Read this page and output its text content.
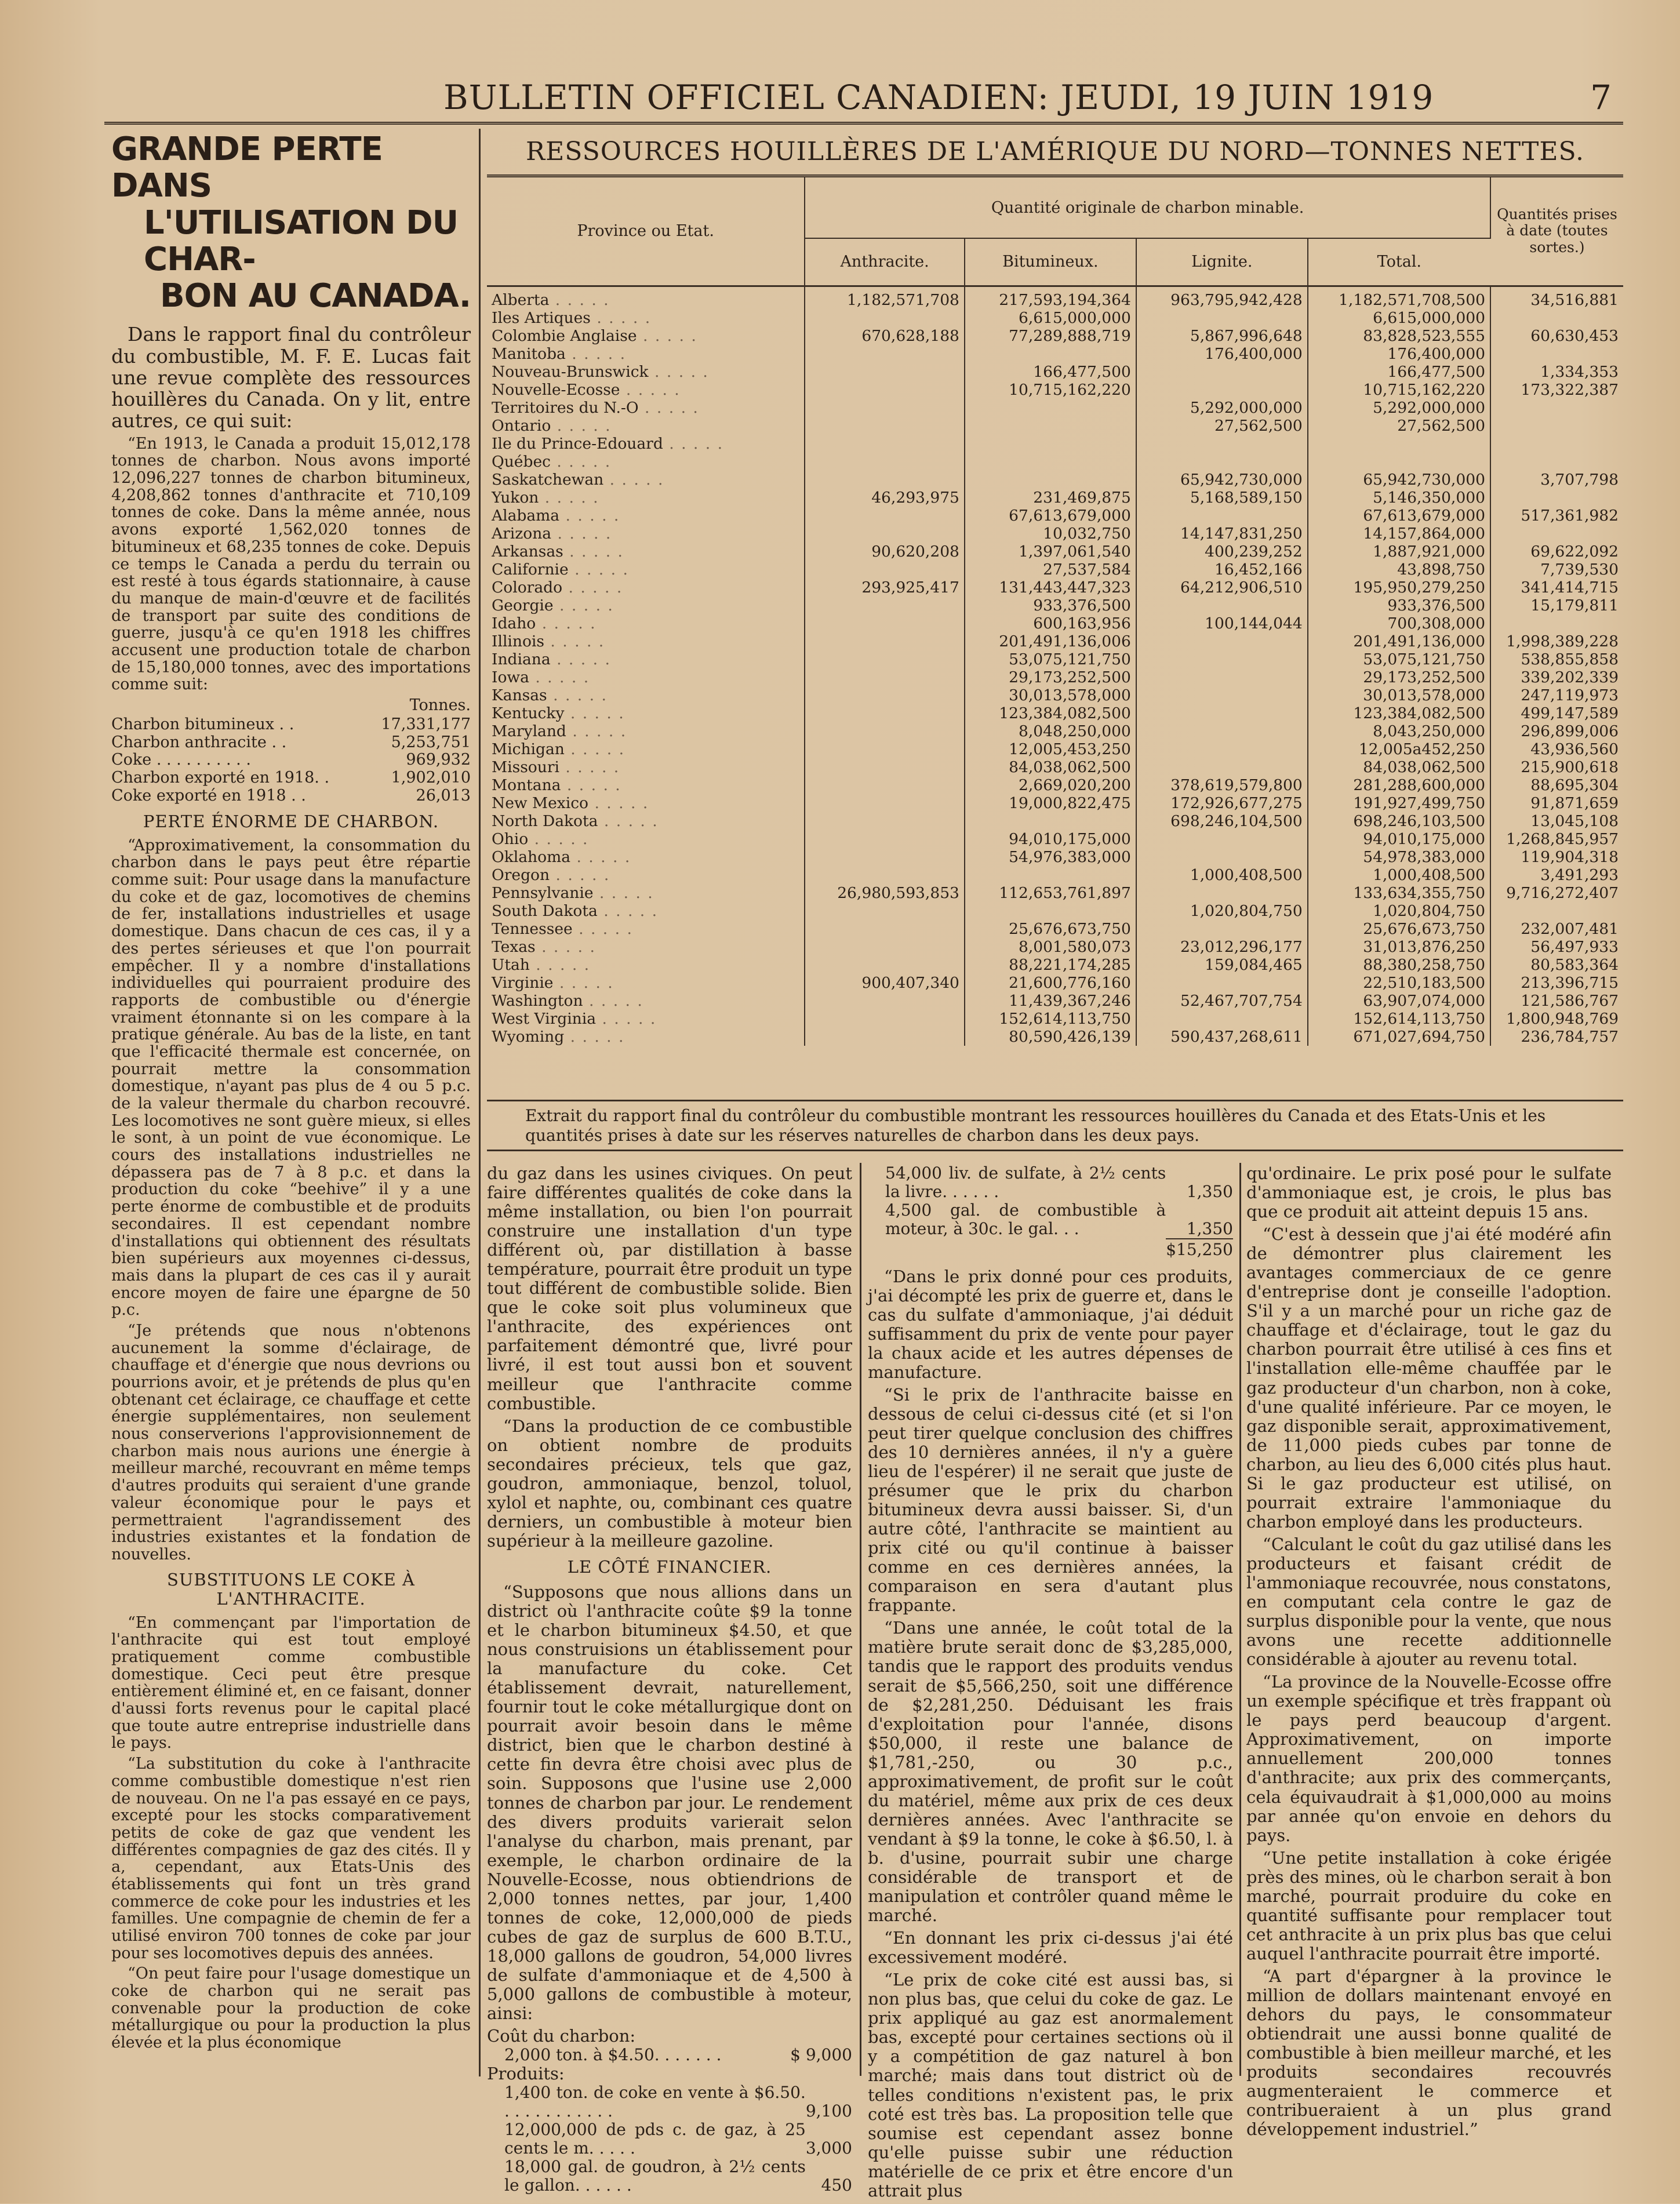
BULLETIN OFFICIEL CANADIEN: JEUDI, 19 JUIN 1919	7
GRANDE PERTE DANS
L'UTILISATION DU CHAR-
BON AU CANADA.

Dans le rapport final du contrôleur du combustible, M. F. E. Lucas fait une revue complète des ressources houillères du Canada. On y lit, entre autres, ce qui suit:

“En 1913, le Canada a produit 15,012,178 tonnes de charbon. Nous avons importé 12,096,227 tonnes de charbon bitumineux, 4,208,862 tonnes d'anthracite et 710,109 tonnes de coke. Dans la même année, nous avons exporté 1,562,020 tonnes de bitumineux et 68,235 tonnes de coke. Depuis ce temps le Canada a perdu du terrain ou est resté à tous égards stationnaire, à cause du manque de main-d'œuvre et de facilités de transport par suite des conditions de guerre, jusqu'à ce qu'en 1918 les chiffres accusent une production totale de charbon de 15,180,000 tonnes, avec des importations comme suit:

Tonnes.
Charbon bitumineux . .	17,331,177
Charbon anthracite . .	5,253,751
Coke . . . . . . . . . .	969,932
Charbon exporté en 1918. .	1,902,010
Coke exporté en 1918 . .	26,013
PERTE ÉNORME DE CHARBON.

“Approximativement, la consommation du charbon dans le pays peut être répartie comme suit: Pour usage dans la manufacture du coke et de gaz, locomotives de chemins de fer, installations industrielles et usage domestique. Dans chacun de ces cas, il y a des pertes sérieuses et que l'on pourrait empêcher. Il y a nombre d'installations individuelles qui pourraient produire des rapports de combustible ou d'énergie vraiment étonnante si on les compare à la pratique générale. Au bas de la liste, en tant que l'efficacité thermale est concernée, on pourrait mettre la consommation domestique, n'ayant pas plus de 4 ou 5 p.c. de la valeur thermale du charbon recouvré. Les locomotives ne sont guère mieux, si elles le sont, à un point de vue économique. Le cours des installations industrielles ne dépassera pas de 7 à 8 p.c. et dans la production du coke “beehive” il y a une perte énorme de combustible et de produits secondaires. Il est cependant nombre d'installations qui obtiennent des résultats bien supérieurs aux moyennes ci-dessus, mais dans la plupart de ces cas il y aurait encore moyen de faire une épargne de 50 p.c.

“Je prétends que nous n'obtenons aucunement la somme d'éclairage, de chauffage et d'énergie que nous devrions ou pourrions avoir, et je prétends de plus qu'en obtenant cet éclairage, ce chauffage et cette énergie supplémentaires, non seulement nous conserverions l'approvisionnement de charbon mais nous aurions une énergie à meilleur marché, recouvrant en même temps d'autres produits qui seraient d'une grande valeur économique pour le pays et permettraient l'agrandissement des industries existantes et la fondation de nouvelles.

SUBSTITUONS LE COKE À L'ANTHRACITE.

“En commençant par l'importation de l'anthracite qui est tout employé pratiquement comme combustible domestique. Ceci peut être presque entièrement éliminé et, en ce faisant, donner d'aussi forts revenus pour le capital placé que toute autre entreprise industrielle dans le pays.

“La substitution du coke à l'anthracite comme combustible domestique n'est rien de nouveau. On ne l'a pas essayé en ce pays, excepté pour les stocks comparativement petits de coke de gaz que vendent les différentes compagnies de gaz des cités. Il y a, cependant, aux Etats-Unis des établissements qui font un très grand commerce de coke pour les industries et les familles. Une compagnie de chemin de fer a utilisé environ 700 tonnes de coke par jour pour ses locomotives depuis des années.

“On peut faire pour l'usage domestique un coke de charbon qui ne serait pas convenable pour la production de coke métallurgique ou pour la production la plus élevée et la plus économique

RESSOURCES HOUILLÈRES DE L'AMÉRIQUE DU NORD—TONNES NETTES.
Province ou Etat.	Quantité originale de charbon minable.				Quantités prises à date (toutes sortes.)
	Anthracite.	Bitumineux.	Lignite.	Total.	
Alberta . . . . .	1,182,571,708	217,593,194,364	963,795,942,428	1,182,571,708,500	34,516,881
Iles Artiques . . . . .		6,615,000,000		6,615,000,000	
Colombie Anglaise . . . . .	670,628,188	77,289,888,719	5,867,996,648	83,828,523,555	60,630,453
Manitoba . . . . .			176,400,000	176,400,000	
Nouveau-Brunswick . . . . .		166,477,500		166,477,500	1,334,353
Nouvelle-Ecosse . . . . .		10,715,162,220		10,715,162,220	173,322,387
Territoires du N.-O . . . . .			5,292,000,000	5,292,000,000	
Ontario . . . . .			27,562,500	27,562,500	
Ile du Prince-Edouard . . . . .					
Québec . . . . .					
Saskatchewan . . . . .			65,942,730,000	65,942,730,000	3,707,798
Yukon . . . . .	46,293,975	231,469,875	5,168,589,150	5,146,350,000	
Alabama . . . . .		67,613,679,000		67,613,679,000	517,361,982
Arizona . . . . .		10,032,750	14,147,831,250	14,157,864,000	
Arkansas . . . . .	90,620,208	1,397,061,540	400,239,252	1,887,921,000	69,622,092
Californie . . . . .		27,537,584	16,452,166	43,898,750	7,739,530
Colorado . . . . .	293,925,417	131,443,447,323	64,212,906,510	195,950,279,250	341,414,715
Georgie . . . . .		933,376,500		933,376,500	15,179,811
Idaho . . . . .		600,163,956	100,144,044	700,308,000	
Illinois . . . . .		201,491,136,006		201,491,136,000	1,998,389,228
Indiana . . . . .		53,075,121,750		53,075,121,750	538,855,858
Iowa . . . . .		29,173,252,500		29,173,252,500	339,202,339
Kansas . . . . .		30,013,578,000		30,013,578,000	247,119,973
Kentucky . . . . .		123,384,082,500		123,384,082,500	499,147,589
Maryland . . . . .		8,048,250,000		8,043,250,000	296,899,006
Michigan . . . . .		12,005,453,250		12,005a452,250	43,936,560
Missouri . . . . .		84,038,062,500		84,038,062,500	215,900,618
Montana . . . . .		2,669,020,200	378,619,579,800	281,288,600,000	88,695,304
New Mexico . . . . .		19,000,822,475	172,926,677,275	191,927,499,750	91,871,659
North Dakota . . . . .			698,246,104,500	698,246,103,500	13,045,108
Ohio . . . . .		94,010,175,000		94,010,175,000	1,268,845,957
Oklahoma . . . . .		54,976,383,000		54,978,383,000	119,904,318
Oregon . . . . .			1,000,408,500	1,000,408,500	3,491,293
Pennsylvanie . . . . .	26,980,593,853	112,653,761,897		133,634,355,750	9,716,272,407
South Dakota . . . . .			1,020,804,750	1,020,804,750	
Tennessee . . . . .		25,676,673,750		25,676,673,750	232,007,481
Texas . . . . .		8,001,580,073	23,012,296,177	31,013,876,250	56,497,933
Utah . . . . .		88,221,174,285	159,084,465	88,380,258,750	80,583,364
Virginie . . . . .	900,407,340	21,600,776,160		22,510,183,500	213,396,715
Washington . . . . .		11,439,367,246	52,467,707,754	63,907,074,000	121,586,767
West Virginia . . . . .		152,614,113,750		152,614,113,750	1,800,948,769
Wyoming . . . . .		80,590,426,139	590,437,268,611	671,027,694,750	236,784,757
Extrait du rapport final du contrôleur du combustible montrant les ressources houillères du Canada et des Etats-Unis et les quantités prises à date sur les réserves naturelles de charbon dans les deux pays.

du gaz dans les usines civiques. On peut faire différentes qualités de coke dans la même installation, ou bien l'on pourrait construire une installation d'un type différent où, par distillation à basse température, pourrait être produit un type tout différent de combustible solide. Bien que le coke soit plus volumineux que l'anthracite, des expériences ont parfaitement démontré que, livré pour livré, il est tout aussi bon et souvent meilleur que l'anthracite comme combustible.

“Dans la production de ce combustible on obtient nombre de produits secondaires précieux, tels que gaz, goudron, ammoniaque, benzol, toluol, xylol et naphte, ou, combinant ces quatre derniers, un combustible à moteur bien supérieur à la meilleure gazoline.

LE CÔTÉ FINANCIER.

“Supposons que nous allions dans un district où l'anthracite coûte $9 la tonne et le charbon bitumineux $4.50, et que nous construisions un établissement pour la manufacture du coke. Cet établissement devrait, naturellement, fournir tout le coke métallurgique dont on pourrait avoir besoin dans le même district, bien que le charbon destiné à cette fin devra être choisi avec plus de soin. Supposons que l'usine use 2,000 tonnes de charbon par jour. Le rendement des divers produits varierait selon l'analyse du charbon, mais prenant, par exemple, le charbon ordinaire de la Nouvelle-Ecosse, nous obtiendrions de 2,000 tonnes nettes, par jour, 1,400 tonnes de coke, 12,000,000 de pieds cubes de gaz de surplus de 600 B.T.U., 18,000 gallons de goudron, 54,000 livres de sulfate d'ammoniaque et de 4,500 à 5,000 gallons de combustible à moteur, ainsi:

Coût du charbon:
2,000 ton. à $4.50. . . . . . .	$ 9,000
Produits:
1,400 ton. de coke en vente à $6.50. . . . . . . . . . . .	9,100
12,000,000 de pds c. de gaz, à 25 cents le m. . . . .	3,000
18,000 gal. de goudron, à 2½ cents le gallon. . . . . .	450
54,000 liv. de sulfate, à 2½ cents la livre. . . . . .	1,350
4,500 gal. de combustible à moteur, à 30c. le gal. . .	1,350
	$15,250

“Dans le prix donné pour ces produits, j'ai décompté les prix de guerre et, dans le cas du sulfate d'ammoniaque, j'ai déduit suffisamment du prix de vente pour payer la chaux acide et les autres dépenses de manufacture.

“Si le prix de l'anthracite baisse en dessous de celui ci-dessus cité (et si l'on peut tirer quelque conclusion des chiffres des 10 dernières années, il n'y a guère lieu de l'espérer) il ne serait que juste de présumer que le prix du charbon bitumineux devra aussi baisser. Si, d'un autre côté, l'anthracite se maintient au prix cité ou qu'il continue à baisser comme en ces dernières années, la comparaison en sera d'autant plus frappante.

“Dans une année, le coût total de la matière brute serait donc de $3,285,000, tandis que le rapport des produits vendus serait de $5,566,250, soit une différence de $2,281,250. Déduisant les frais d'exploitation pour l'année, disons $50,000, il reste une balance de $1,781,-250, ou 30 p.c., approximativement, de profit sur le coût du matériel, même aux prix de ces deux dernières années. Avec l'anthracite se vendant à $9 la tonne, le coke à $6.50, l. à b. d'usine, pourrait subir une charge considérable de transport et de manipulation et contrôler quand même le marché.

“En donnant les prix ci-dessus j'ai été excessivement modéré.

“Le prix de coke cité est aussi bas, si non plus bas, que celui du coke de gaz. Le prix appliqué au gaz est anormalement bas, excepté pour certaines sections où il y a compétition de gaz naturel à bon marché; mais dans tout district où de telles conditions n'existent pas, le prix coté est très bas. La proposition telle que soumise est cependant assez bonne qu'elle puisse subir une réduction matérielle de ce prix et être encore d'un attrait plus

qu'ordinaire. Le prix posé pour le sulfate d'ammoniaque est, je crois, le plus bas que ce produit ait atteint depuis 15 ans.

“C'est à dessein que j'ai été modéré afin de démontrer plus clairement les avantages commerciaux de ce genre d'entreprise dont je conseille l'adoption. S'il y a un marché pour un riche gaz de chauffage et d'éclairage, tout le gaz du charbon pourrait être utilisé à ces fins et l'installation elle-même chauffée par le gaz producteur d'un charbon, non à coke, d'une qualité inférieure. Par ce moyen, le gaz disponible serait, approximativement, de 11,000 pieds cubes par tonne de charbon, au lieu des 6,000 cités plus haut. Si le gaz producteur est utilisé, on pourrait extraire l'ammoniaque du charbon employé dans les producteurs.

“Calculant le coût du gaz utilisé dans les producteurs et faisant crédit de l'ammoniaque recouvrée, nous constatons, en computant cela contre le gaz de surplus disponible pour la vente, que nous avons une recette additionnelle considérable à ajouter au revenu total.

“La province de la Nouvelle-Ecosse offre un exemple spécifique et très frappant où le pays perd beaucoup d'argent. Approximativement, on importe annuellement 200,000 tonnes d'anthracite; aux prix des commerçants, cela équivaudrait à $1,000,000 au moins par année qu'on envoie en dehors du pays.

“Une petite installation à coke érigée près des mines, où le charbon serait à bon marché, pourrait produire du coke en quantité suffisante pour remplacer tout cet anthracite à un prix plus bas que celui auquel l'anthracite pourrait être importé.

“A part d'épargner à la province le million de dollars maintenant envoyé en dehors du pays, le consommateur obtiendrait une aussi bonne qualité de combustible à bien meilleur marché, et les produits secondaires recouvrés augmenteraient le commerce et contribueraient à un plus grand développement industriel.”
